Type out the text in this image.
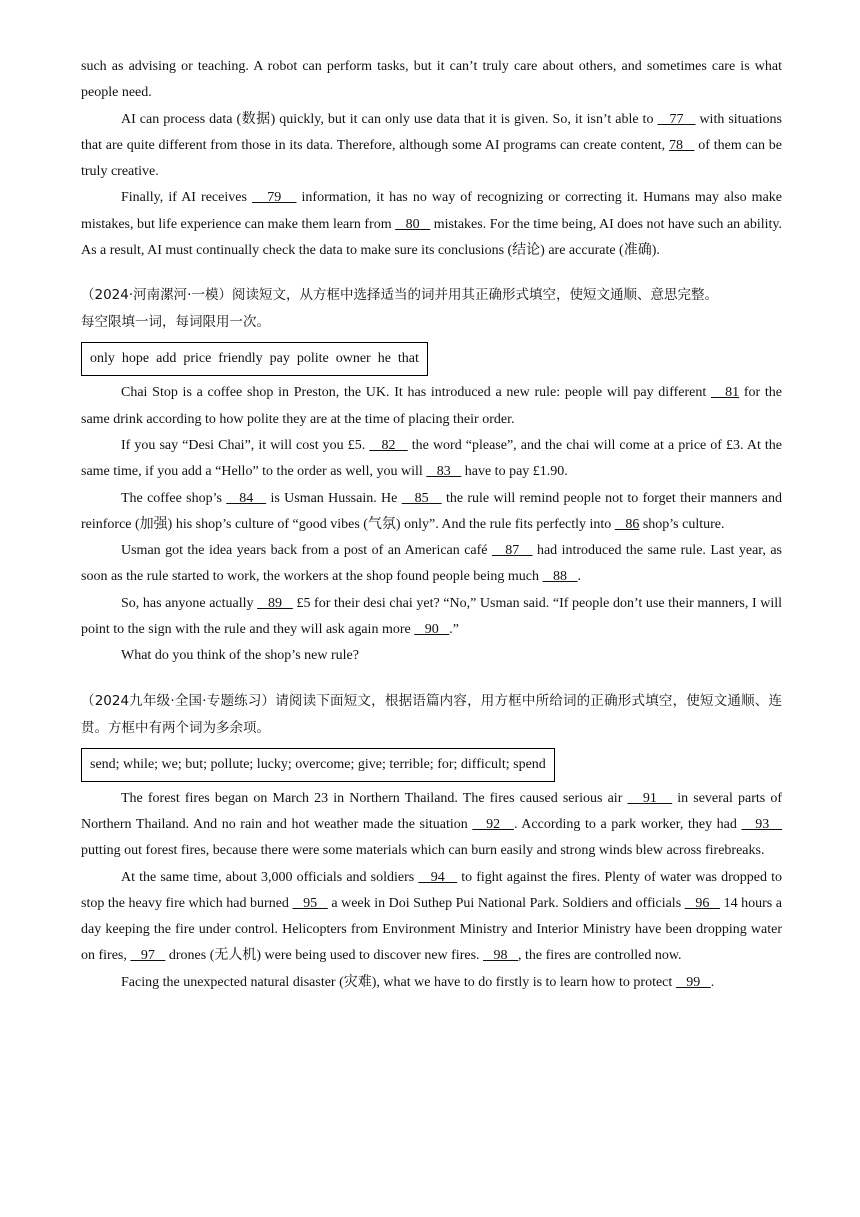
such as advising or teaching. A robot can perform tasks, but it can’t truly care about others, and sometimes care is what people need.

AI can process data (数据) quickly, but it can only use data that it is given. So, it isn’t able to    77    with situations that are quite different from those in its data. Therefore, although some AI programs can create content, 78    of them can be truly creative.

Finally, if AI receives    79    information, it has no way of recognizing or correcting it. Humans may also make mistakes, but life experience can make them learn from    80    mistakes. For the time being, AI does not have such an ability. As a result, AI must continually check the data to make sure its conclusions (结论) are accurate (准确).

（2024·河南漯河·一模）阅读短文，从方框中选择适当的词并用其正确形式填空，使短文通顺、意思完整。

每空限填一词，每词限用一次。

only  hope  add  price  friendly  pay  polite  owner  he  that

Chai Stop is a coffee shop in Preston, the UK. It has introduced a new rule: people will pay different    81 for the same drink according to how polite they are at the time of placing their order.

If you say “Desi Chai”, it will cost you £5.    82    the word “please”, and the chai will come at a price of £3. At the same time, if you add a “Hello” to the order as well, you will    83    have to pay £1.90.

The coffee shop’s    84    is Usman Hussain. He    85    the rule will remind people not to forget their manners and reinforce (加强) his shop’s culture of “good vibes (气氛) only”. And the rule fits perfectly into    86 shop’s culture.

Usman got the idea years back from a post of an American café    87    had introduced the same rule. Last year, as soon as the rule started to work, the workers at the shop found people being much    88   .

So, has anyone actually    89    £5 for their desi chai yet? “No,” Usman said. “If people don’t use their manners, I will point to the sign with the rule and they will ask again more    90   .”

What do you think of the shop’s new rule?

（2024九年级·全国·专题练习）请阅读下面短文，根据语篇内容，用方框中所给词的正确形式填空，使短文通顺、连贯。方框中有两个词为多余项。

send; while; we; but; pollute; lucky; overcome; give; terrible; for; difficult; spend

The forest fires began on March 23 in Northern Thailand. The fires caused serious air    91    in several parts of Northern Thailand. And no rain and hot weather made the situation    92   . According to a park worker, they had    93    putting out forest fires, because there were some materials which can burn easily and strong winds blew across firebreaks.

At the same time, about 3,000 officials and soldiers    94    to fight against the fires. Plenty of water was dropped to stop the heavy fire which had burned    95    a week in Doi Suthep Pui National Park. Soldiers and officials    96    14 hours a day keeping the fire under control. Helicopters from Environment Ministry and Interior Ministry have been dropping water on fires,    97    drones (无人机) were being used to discover new fires.    98   , the fires are controlled now.

Facing the unexpected natural disaster (灾难), what we have to do firstly is to learn how to protect    99   .
